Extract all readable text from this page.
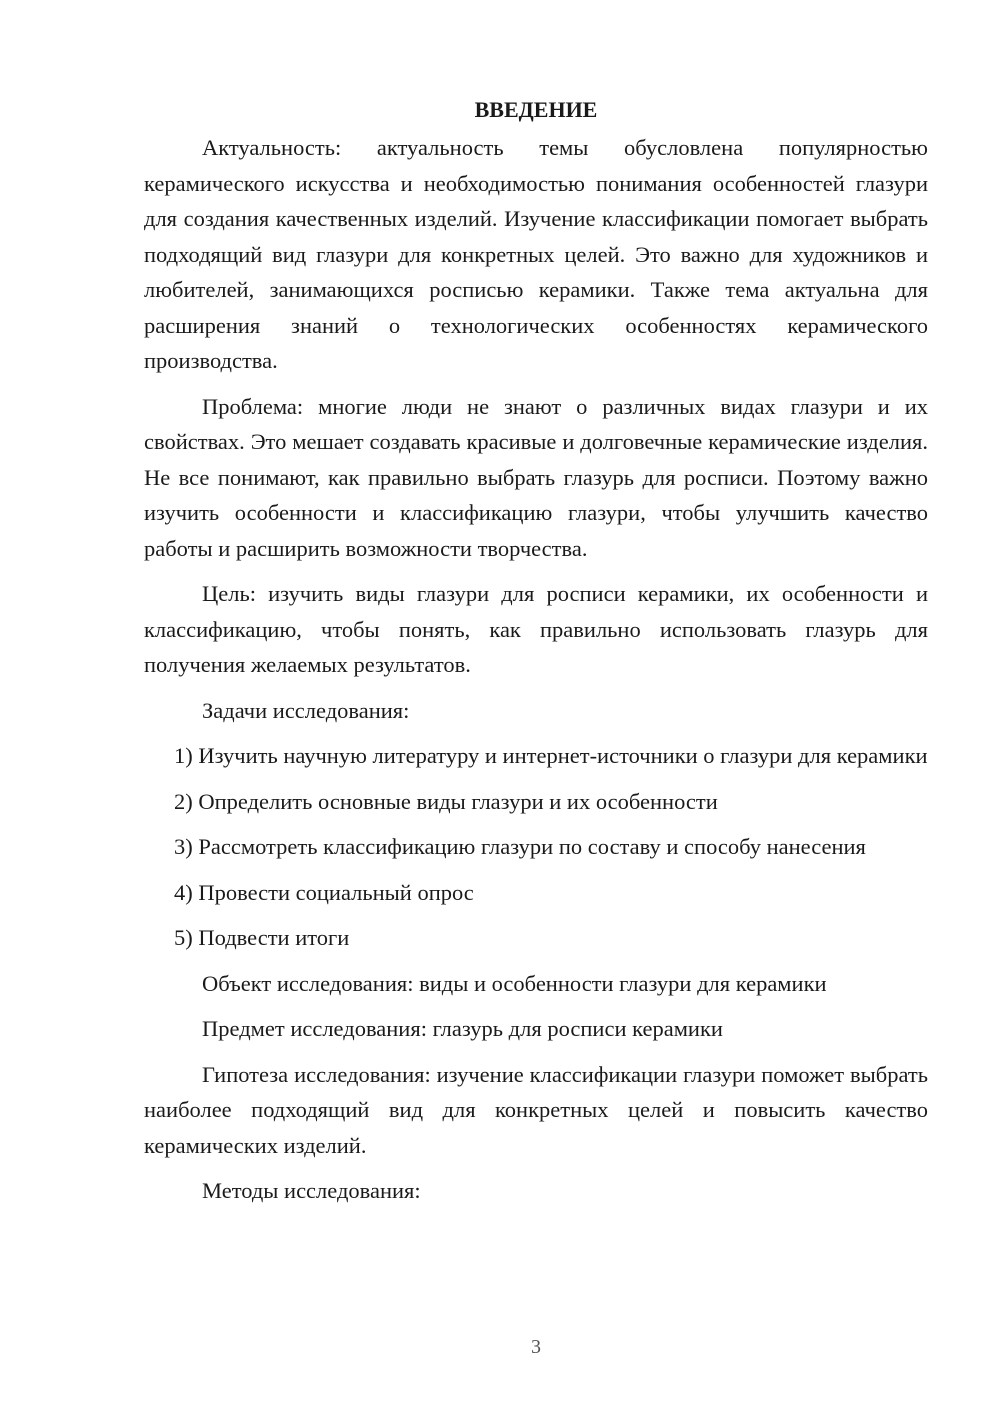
ВВЕДЕНИЕ

Актуальность: актуальность темы обусловлена популярностью керамического искусства и необходимостью понимания особенностей глазури для создания качественных изделий. Изучение классификации помогает выбрать подходящий вид глазури для конкретных целей. Это важно для художников и любителей, занимающихся росписью керамики. Также тема актуальна для расширения знаний о технологических особенностях керамического производства.

Проблема: многие люди не знают о различных видах глазури и их свойствах. Это мешает создавать красивые и долговечные керамические изделия. Не все понимают, как правильно выбрать глазурь для росписи. Поэтому важно изучить особенности и классификацию глазури, чтобы улучшить качество работы и расширить возможности творчества.

Цель: изучить виды глазури для росписи керамики, их особенности и классификацию, чтобы понять, как правильно использовать глазурь для получения желаемых результатов.

Задачи исследования:

1) Изучить научную литературу и интернет-источники о глазури для керамики

2) Определить основные виды глазури и их особенности

3) Рассмотреть классификацию глазури по составу и способу нанесения

4) Провести социальный опрос

5) Подвести итоги

Объект исследования: виды и особенности глазури для керамики

Предмет исследования: глазурь для росписи керамики

Гипотеза исследования: изучение классификации глазури поможет выбрать наиболее подходящий вид для конкретных целей и повысить качество керамических изделий.

Методы исследования:

3
